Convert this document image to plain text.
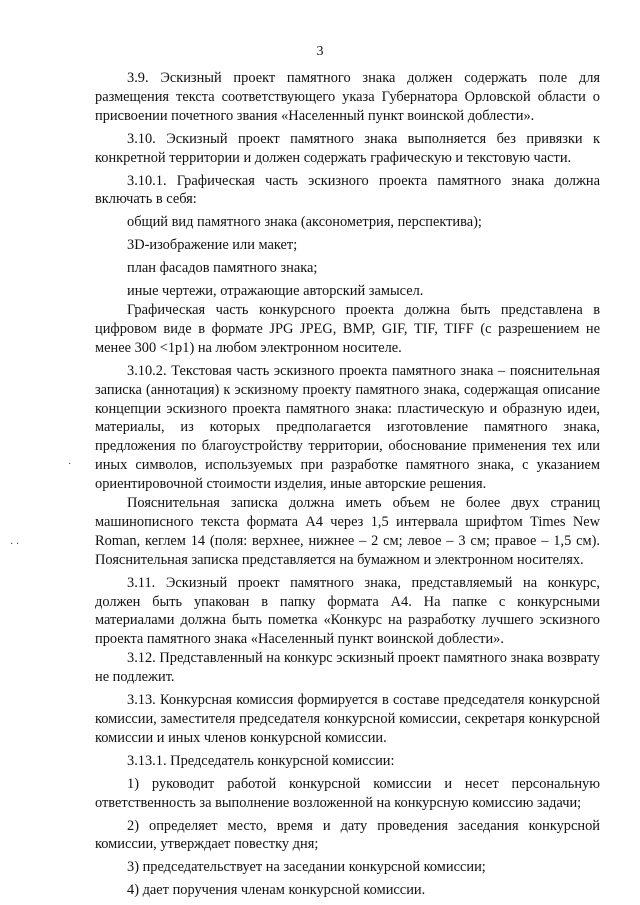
3
·
· ·

3.9. Эскизный проект памятного знака должен содержать поле для размещения текста соответствующего указа Губернатора Орловской области о присвоении почетного звания «Населенный пункт воинской доблести».

3.10. Эскизный проект памятного знака выполняется без привязки к конкретной территории и должен содержать графическую и текстовую части.

3.10.1. Графическая часть эскизного проекта памятного знака должна включать в себя:

общий вид памятного знака (аксонометрия, перспектива);

3D-изображение или макет;

план фасадов памятного знака;

иные чертежи, отражающие авторский замысел.

Графическая часть конкурсного проекта должна быть представлена в цифровом виде в формате JPG JPEG, BMP, GIF, TIF, TIFF (с разрешением не менее 300 <1p1) на любом электронном носителе.

3.10.2. Текстовая часть эскизного проекта памятного знака – пояснительная записка (аннотация) к эскизному проекту памятного знака, содержащая описание концепции эскизного проекта памятного знака: пластическую и образную идеи, материалы, из которых предполагается изготовление памятного знака, предложения по благоустройству территории, обоснование применения тех или иных символов, используемых при разработке памятного знака, с указанием ориентировочной стоимости изделия, иные авторские решения.

Пояснительная записка должна иметь объем не более двух страниц машинописного текста формата А4 через 1,5 интервала шрифтом Times New Roman, кеглем 14 (поля: верхнее, нижнее – 2 см; левое – 3 см; правое – 1,5 см). Пояснительная записка представляется на бумажном и электронном носителях.

3.11. Эскизный проект памятного знака, представляемый на конкурс, должен быть упакован в папку формата А4. На папке с конкурсными материалами должна быть пометка «Конкурс на разработку лучшего эскизного проекта памятного знака «Населенный пункт воинской доблести».

3.12. Представленный на конкурс эскизный проект памятного знака возврату не подлежит.

3.13. Конкурсная комиссия формируется в составе председателя конкурсной комиссии, заместителя председателя конкурсной комиссии, секретаря конкурсной комиссии и иных членов конкурсной комиссии.

3.13.1. Председатель конкурсной комиссии:

1) руководит работой конкурсной комиссии и несет персональную ответственность за выполнение возложенной на конкурсную комиссию задачи;

2) определяет место, время и дату проведения заседания конкурсной комиссии, утверждает повестку дня;

3) председательствует на заседании конкурсной комиссии;

4) дает поручения членам конкурсной комиссии.
